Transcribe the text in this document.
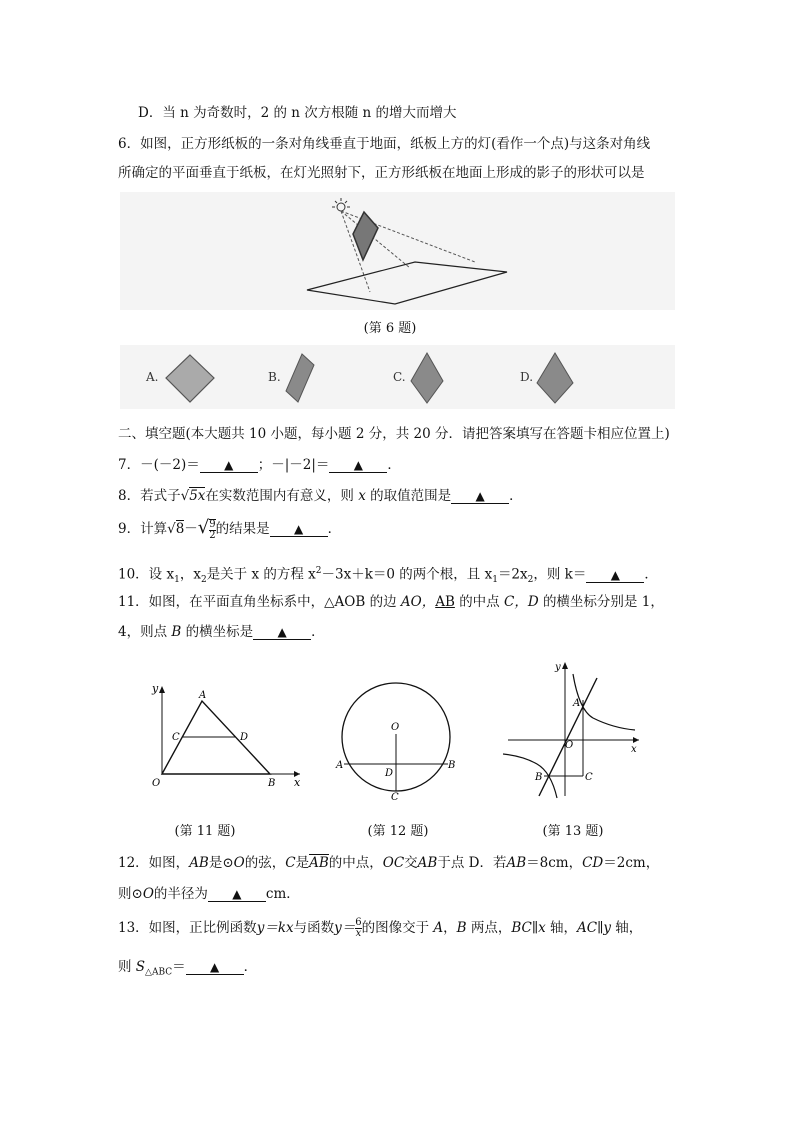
D．当 n 为奇数时，2 的 n 次方根随 n 的增大而增大
6．如图，正方形纸板的一条对角线垂直于地面，纸板上方的灯(看作一个点)与这条对角线
所确定的平面垂直于纸板，在灯光照射下，正方形纸板在地面上形成的影子的形状可以是
(第 6 题)
A.	B.	C.	D.
二、填空题(本大题共 10 小题，每小题 2 分，共 20 分．请把答案填写在答题卡相应位置上)
7．－(－2)＝ ▲ ；－|－2|＝ ▲ ．
8．若式子√5x在实数范围内有意义，则 x 的取值范围是 ▲ ．
9．计算$√8-√ \frac{9}{2}$ 的结果是 ▲ ．
10．设 $x_1$，$x_2$是关于 x 的方程 $x^2-3x+k=0$ 的两个根，且 $x_1=2x_2$，则 k＝ ▲ ．
11．如图，在平面直角坐标系中，△AOB 的边 AO，AB 的中点 C，D 的横坐标分别是 1，
4，则点 B 的横坐标是 ▲ ．
y
x
O
A
B
C	D
(第 11 题)
O
A	B
D
C
(第 12 题)
y
x
O
A
B	C
(第 13 题)
12．如图，AB是⊙O的弦，C是AB的中点，OC交AB于点 D．若AB＝8cm，CD＝2cm，
则⊙O的半径为 ▲ cm．
13．如图，正比例函数y＝kx与函数$y= \frac{6}{x}$ 的图像交于 A，B 两点，BC∥x 轴，AC∥y 轴，
则 $S_{\triangle ABC}=$ ▲ ．
